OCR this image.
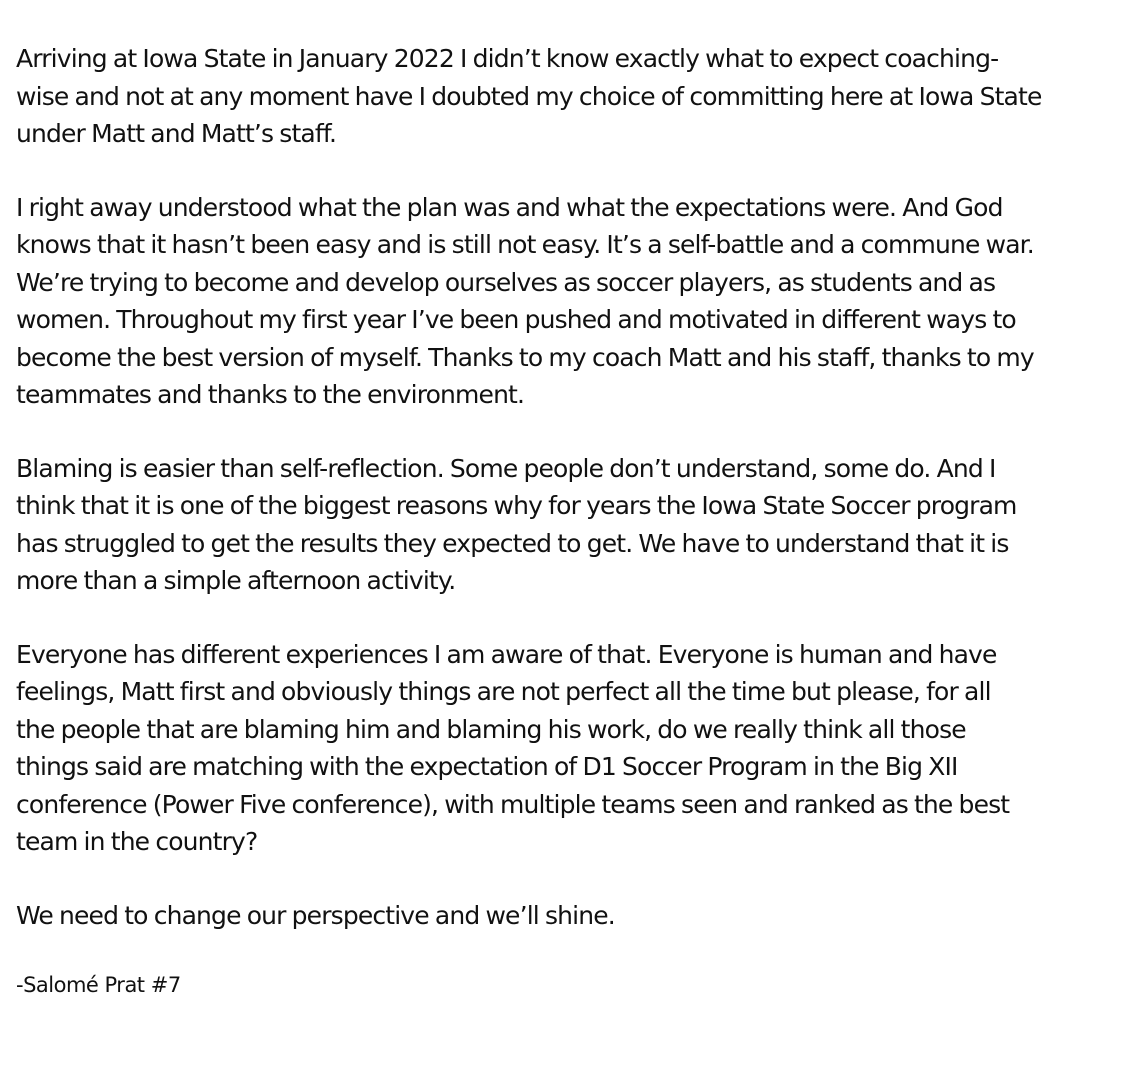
Arriving at Iowa State in January 2022 I didn’t know exactly what to expect coaching-
wise and not at any moment have I doubted my choice of committing here at Iowa State
under Matt and Matt’s staff.
I right away understood what the plan was and what the expectations were. And God
knows that it hasn’t been easy and is still not easy. It’s a self-battle and a commune war.
We’re trying to become and develop ourselves as soccer players, as students and as
women. Throughout my first year I’ve been pushed and motivated in different ways to
become the best version of myself. Thanks to my coach Matt and his staff, thanks to my
teammates and thanks to the environment.
Blaming is easier than self-reflection. Some people don’t understand, some do. And I
think that it is one of the biggest reasons why for years the Iowa State Soccer program
has struggled to get the results they expected to get. We have to understand that it is
more than a simple afternoon activity.
Everyone has different experiences I am aware of that. Everyone is human and have
feelings, Matt first and obviously things are not perfect all the time but please, for all
the people that are blaming him and blaming his work, do we really think all those
things said are matching with the expectation of D1 Soccer Program in the Big XII
conference (Power Five conference), with multiple teams seen and ranked as the best
team in the country?
We need to change our perspective and we’ll shine.
-Salomé Prat #7
